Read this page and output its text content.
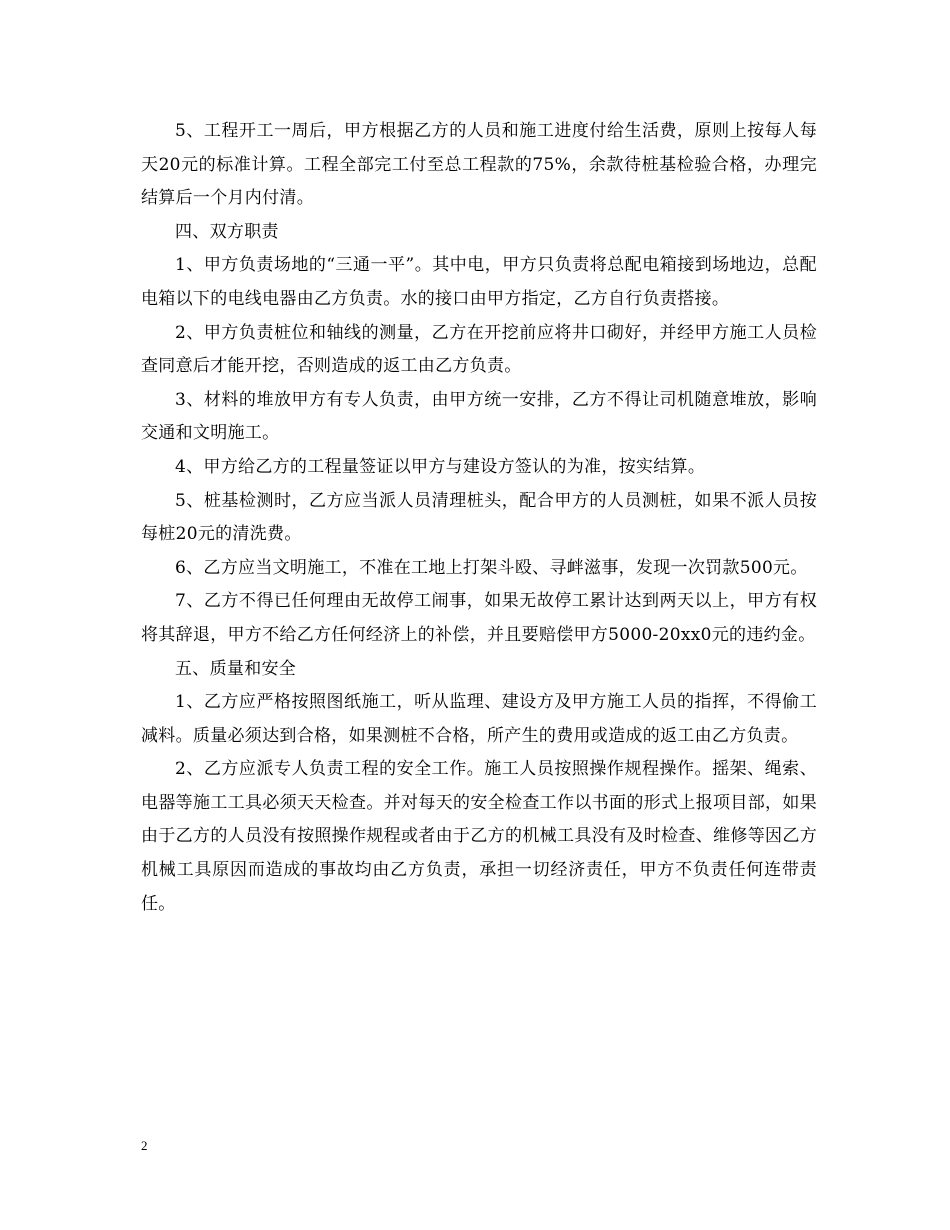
5、工程开工一周后，甲方根据乙方的人员和施工进度付给生活费，原则上按每人每天20元的标准计算。工程全部完工付至总工程款的75%，余款待桩基检验合格，办理完结算后一个月内付清。

四、双方职责

1、甲方负责场地的“三通一平”。其中电，甲方只负责将总配电箱接到场地边，总配电箱以下的电线电器由乙方负责。水的接口由甲方指定，乙方自行负责搭接。

2、甲方负责桩位和轴线的测量，乙方在开挖前应将井口砌好，并经甲方施工人员检查同意后才能开挖，否则造成的返工由乙方负责。

3、材料的堆放甲方有专人负责，由甲方统一安排，乙方不得让司机随意堆放，影响交通和文明施工。

4、甲方给乙方的工程量签证以甲方与建设方签认的为准，按实结算。

5、桩基检测时，乙方应当派人员清理桩头，配合甲方的人员测桩，如果不派人员按每桩20元的清洗费。

6、乙方应当文明施工，不准在工地上打架斗殴、寻衅滋事，发现一次罚款500元。

7、乙方不得已任何理由无故停工闹事，如果无故停工累计达到两天以上，甲方有权将其辞退，甲方不给乙方任何经济上的补偿，并且要赔偿甲方5000-20xx0元的违约金。

五、质量和安全

1、乙方应严格按照图纸施工，听从监理、建设方及甲方施工人员的指挥，不得偷工减料。质量必须达到合格，如果测桩不合格，所产生的费用或造成的返工由乙方负责。

2、乙方应派专人负责工程的安全工作。施工人员按照操作规程操作。摇架、绳索、电器等施工工具必须天天检查。并对每天的安全检查工作以书面的形式上报项目部，如果由于乙方的人员没有按照操作规程或者由于乙方的机械工具没有及时检查、维修等因乙方机械工具原因而造成的事故均由乙方负责，承担一切经济责任，甲方不负责任何连带责任。

2
